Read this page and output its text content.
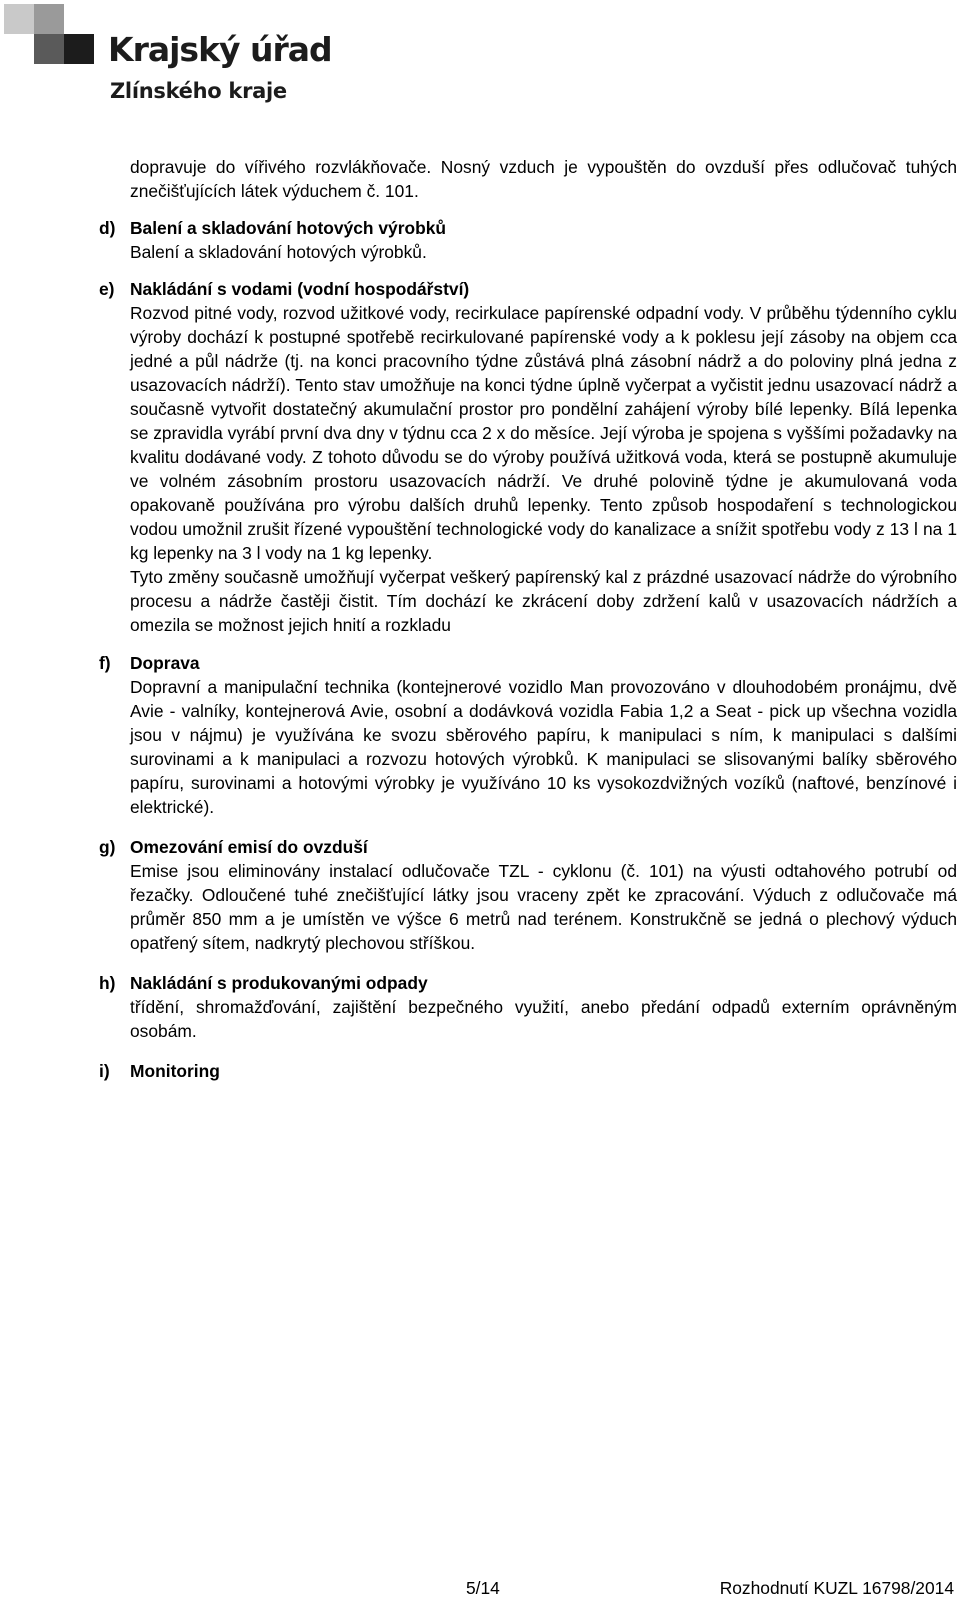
Krajský úřad
Zlínského kraje

dopravuje do vířivého rozvlákňovače. Nosný vzduch je vypouštěn do ovzduší přes odlučovač tuhých znečišťujících látek výduchem č. 101.

d) Balení a skladování hotových výrobků

Balení a skladování hotových výrobků.

e) Nakládání s vodami (vodní hospodářství)

Rozvod pitné vody, rozvod užitkové vody, recirkulace papírenské odpadní vody. V průběhu týdenního cyklu výroby dochází k postupné spotřebě recirkulované papírenské vody a k poklesu její zásoby na objem cca jedné a půl nádrže (tj. na konci pracovního týdne zůstává plná zásobní nádrž a do poloviny plná jedna z usazovacích nádrží). Tento stav umožňuje na konci týdne úplně vyčerpat a vyčistit jednu usazovací nádrž a současně vytvořit dostatečný akumulační prostor pro pondělní zahájení výroby bílé lepenky. Bílá lepenka se zpravidla vyrábí první dva dny v týdnu cca 2 x do měsíce. Její výroba je spojena s vyššími požadavky na kvalitu dodávané vody. Z tohoto důvodu se do výroby používá užitková voda, která se postupně akumuluje ve volném zásobním prostoru usazovacích nádrží. Ve druhé polovině týdne je akumulovaná voda opakovaně používána pro výrobu dalších druhů lepenky. Tento způsob hospodaření s technologickou vodou umožnil zrušit řízené vypouštění technologické vody do kanalizace a snížit spotřebu vody z 13 l na 1 kg lepenky na 3 l vody na 1 kg lepenky.

Tyto změny současně umožňují vyčerpat veškerý papírenský kal z prázdné usazovací nádrže do výrobního procesu a nádrže častěji čistit. Tím dochází ke zkrácení doby zdržení kalů v usazovacích nádržích a omezila se možnost jejich hnití a rozkladu

f)	Doprava

Dopravní a manipulační technika (kontejnerové vozidlo Man provozováno v dlouhodobém pronájmu, dvě Avie - valníky, kontejnerová Avie, osobní a dodávková vozidla Fabia 1,2 a Seat - pick up všechna vozidla jsou v nájmu) je využívána ke svozu sběrového papíru, k manipulaci s ním, k manipulaci s dalšími surovinami a k manipulaci a rozvozu hotových výrobků. K manipulaci se slisovanými balíky sběrového papíru, surovinami a hotovými výrobky je využíváno 10 ks vysokozdvižných vozíků (naftové, benzínové i elektrické).

g) Omezování emisí do ovzduší

Emise jsou eliminovány instalací odlučovače TZL - cyklonu (č. 101) na výusti odtahového potrubí od řezačky. Odloučené tuhé znečišťující látky jsou vraceny zpět ke zpracování. Výduch z odlučovače má průměr 850 mm a je umístěn ve výšce 6 metrů nad terénem. Konstrukčně se jedná o plechový výduch opatřený sítem, nadkrytý plechovou stříškou.

h) Nakládání s produkovanými odpady

třídění, shromažďování, zajištění bezpečného využití, anebo předání odpadů externím oprávněným osobám.

i)	Monitoring
5/14	Rozhodnutí KUZL 16798/2014
